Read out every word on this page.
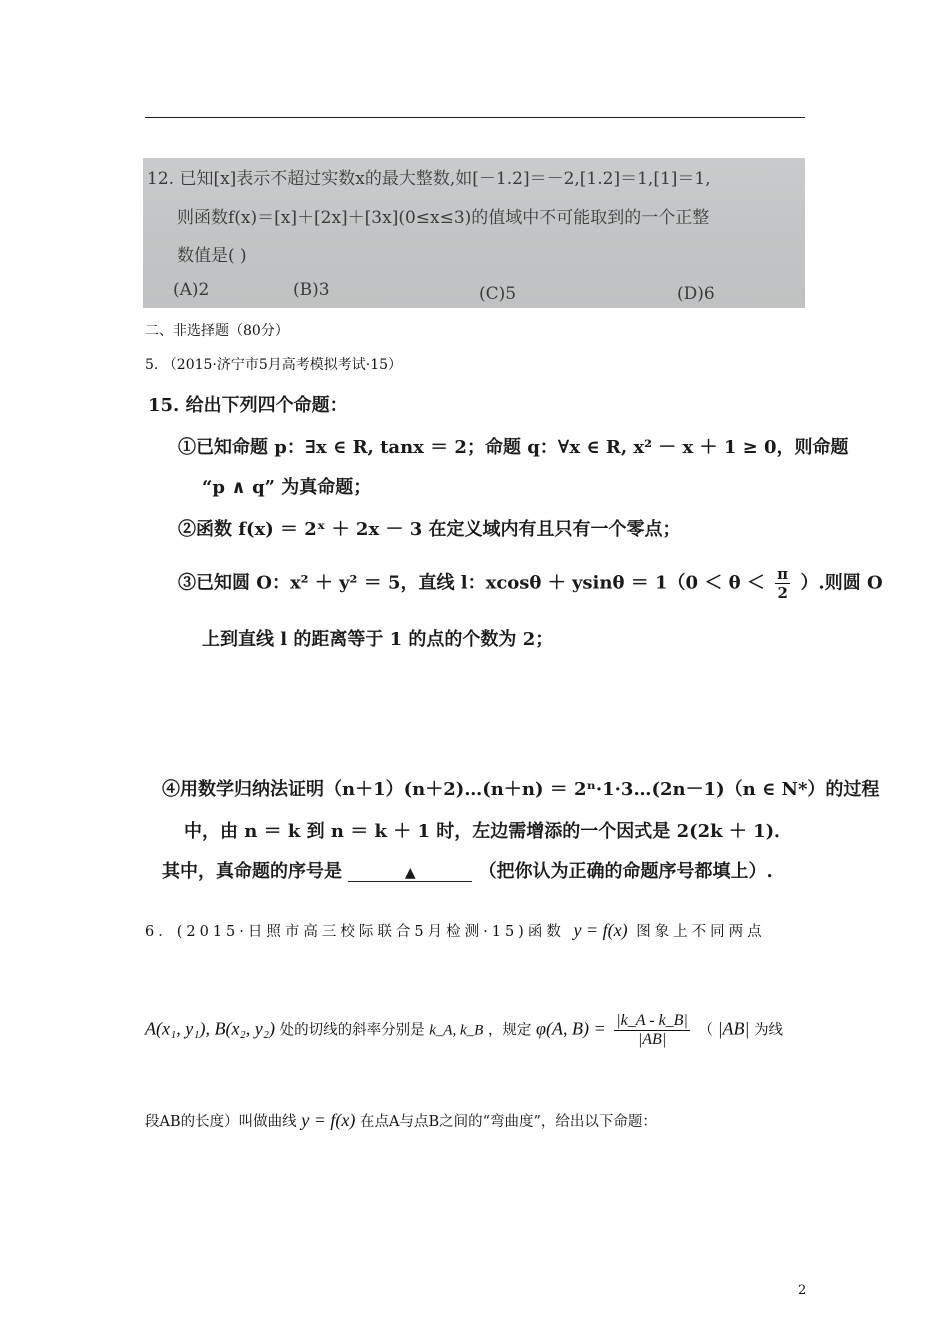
12. 已知[x]表示不超过实数x的最大整数,如[－1.2]＝－2,[1.2]＝1,[1]＝1,
则函数f(x)＝[x]＋[2x]＋[3x](0≤x≤3)的值域中不可能取到的一个正整
数值是( )
(A)2	(B)3	(C)5	(D)6
二、非选择题（80分）
5. （2015·济宁市5月高考模拟考试·15）
15. 给出下列四个命题：
①已知命题 p：∃x ∈ R, tanx ＝ 2；命题 q：∀x ∈ R, x² － x ＋ 1 ≥ 0，则命题
“p ∧ q” 为真命题；
②函数 f(x) ＝ 2ˣ ＋ 2x － 3 在定义域内有且只有一个零点；
③已知圆 O：x² ＋ y² ＝ 5，直线 l：$xcos\theta + ysin\theta = 1(0 < \theta < \frac{\pi}{2}$ ）.则圆 O
上到直线 l 的距离等于 1 的点的个数为 2；
④用数学归纳法证明（n＋1）(n＋2)…(n＋n) ＝ 2ⁿ·1·3…(2n－1)（n ∈ N*）的过程
中，由 n ＝ k 到 n ＝ k ＋ 1 时，左边需增添的一个因式是 2(2k ＋ 1)．
其中，真命题的序号是	▲	（把你认为正确的命题序号都填上）.
6．(2015·日照市高三校际联合5月检测·15)函数 y = f(x) 图象上不同两点
A(x₁, y₁), B(x₂, y₂) 处的切线的斜率分别是 k_A, k_B ，规定 φ(A, $B) = \frac{|k\_A - k\_B|}{|AB|}$ （ |AB| 为线
段AB的长度）叫做曲线 y = f(x) 在点A与点B之间的“弯曲度”，给出以下命题：
2
